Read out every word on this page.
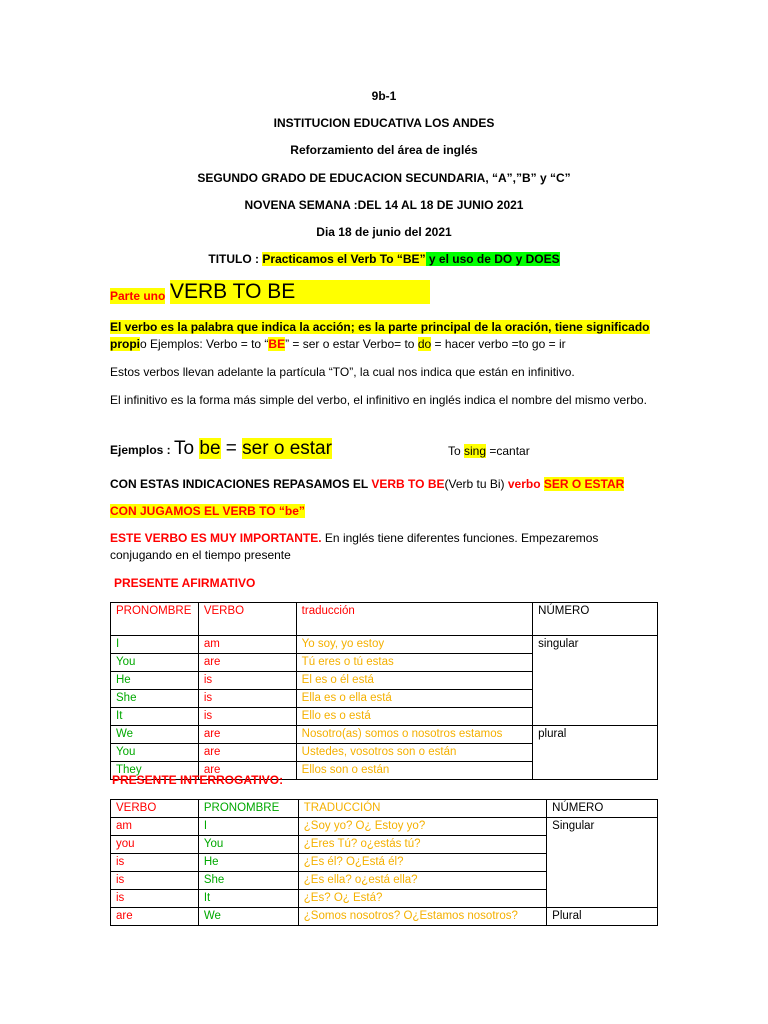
9b-1
INSTITUCION EDUCATIVA LOS ANDES
Reforzamiento del área de inglés
SEGUNDO GRADO DE EDUCACION SECUNDARIA, “A”,”B” y “C”
NOVENA SEMANA :DEL 14 AL 18 DE JUNIO 2021
Dia 18 de junio del 2021
TITULO : Practicamos el Verb To “BE” y el uso de DO y DOES
Parte uno VERB TO BE
El verbo es la palabra que indica la acción; es la parte principal de la oración, tiene significado propio Ejemplos: Verbo = to “BE” = ser o estar Verbo= to do = hacer verbo =to go = ir
Estos verbos llevan adelante la partícula “TO”, la cual nos indica que están en infinitivo.
El infinitivo es la forma más simple del verbo, el infinitivo en inglés indica el nombre del mismo verbo.
Ejemplos : To be = ser o estar	To sing =cantar
CON ESTAS INDICACIONES REPASAMOS EL VERB TO BE(Verb tu Bi) verbo SER O ESTAR
CON JUGAMOS EL VERB TO “be”
ESTE VERBO ES MUY IMPORTANTE. En inglés tiene diferentes funciones. Empezaremos conjugando en el tiempo presente
PRESENTE AFIRMATIVO
PRONOMBRE	VERBO	traducción	NÚMERO
I	am	Yo soy, yo estoy	singular
You	are	Tú eres o tú estas	
He	is	El es o él está	
She	is	Ella es o ella está	
It	is	Ello es o está	
We	are	Nosotro(as) somos o nosotros estamos	plural
You	are	Ustedes, vosotros son o están	
They	are	Ellos son o están	
PRESENTE INTERROGATIVO:
VERBO	PRONOMBRE	TRADUCCIÓN	NÚMERO
am	I	¿Soy yo? O¿ Estoy yo?	Singular
you	You	¿Eres Tú? o¿estás tú?	
is	He	¿Es él? O¿Está él?	
is	She	¿Es ella? o¿está ella?	
is	It	¿Es? O¿ Está?	
are	We	¿Somos nosotros? O¿Estamos nosotros?	Plural
